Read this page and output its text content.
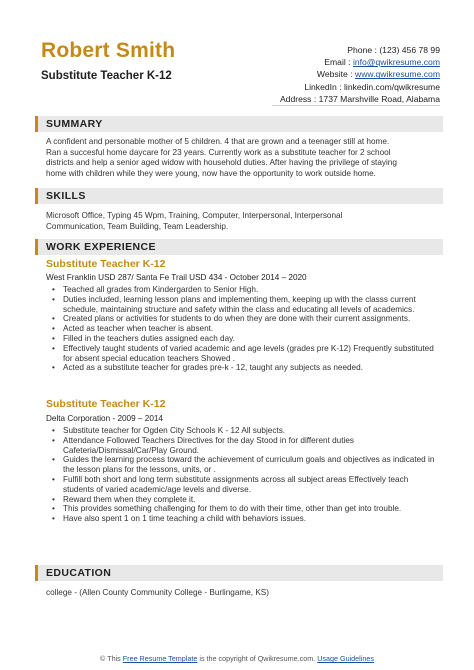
Robert Smith
Substitute Teacher K-12
Phone : (123) 456 78 99
Email : info@qwikresume.com
Website : www.qwikresume.com
LinkedIn : linkedin.com/qwikresume
Address : 1737 Marshville Road, Alabama
SUMMARY
A confident and personable mother of 5 children. 4 that are grown and a teenager still at home.
Ran a succesful home daycare for 23 years. Currently work as a substitute teacher for 2 school
districts and help a senior aged widow with household duties. After having the privilege of staying
home with children while they were young, now have the opportunity to work outside home.
SKILLS
Microsoft Office, Typing 45 Wpm, Training, Computer, Interpersonal, Interpersonal
Communication, Team Building, Team Leadership.
WORK EXPERIENCE
Substitute Teacher K-12
West Franklin USD 287/ Santa Fe Trail USD 434 - October 2014 – 2020
• Teached all grades from Kindergarden to Senior High.
• Duties included, learning lesson plans and implementing them, keeping up with the classs current schedule, maintaining structure and safety within the class and educating all levels of academics.
• Created plans or activities for students to do when they are done with their current assignments.
• Acted as teacher when teacher is absent.
• Filled in the teachers duties assigned each day.
• Effectively taught students of varied academic and age levels (grades pre K-12) Frequently substituted for absent special education teachers Showed .
• Acted as a substitute teacher for grades pre-k - 12, taught any subjects as needed.
Substitute Teacher K-12
Delta Corporation - 2009 – 2014
• Substitute teacher for Ogden City Schools K - 12 All subjects.
• Attendance Followed Teachers Directives for the day Stood in for different duties Cafeteria/Dismissal/Car/Play Ground.
• Guides the learning process toward the achievement of curriculum goals and objectives as indicated in the lesson plans for the lessons, units, or .
• Fulfill both short and long term substitute assignments across all subject areas Effectively teach students of varied academic/age levels and diverse.
• Reward them when they complete it.
• This provides something challenging for them to do with their time, other than get into trouble.
• Have also spent 1 on 1 time teaching a child with behaviors issues.
EDUCATION
college - (Allen County Community College - Burlingame, KS)
© This Free Resume Template is the copyright of Qwikresume.com. Usage Guidelines
